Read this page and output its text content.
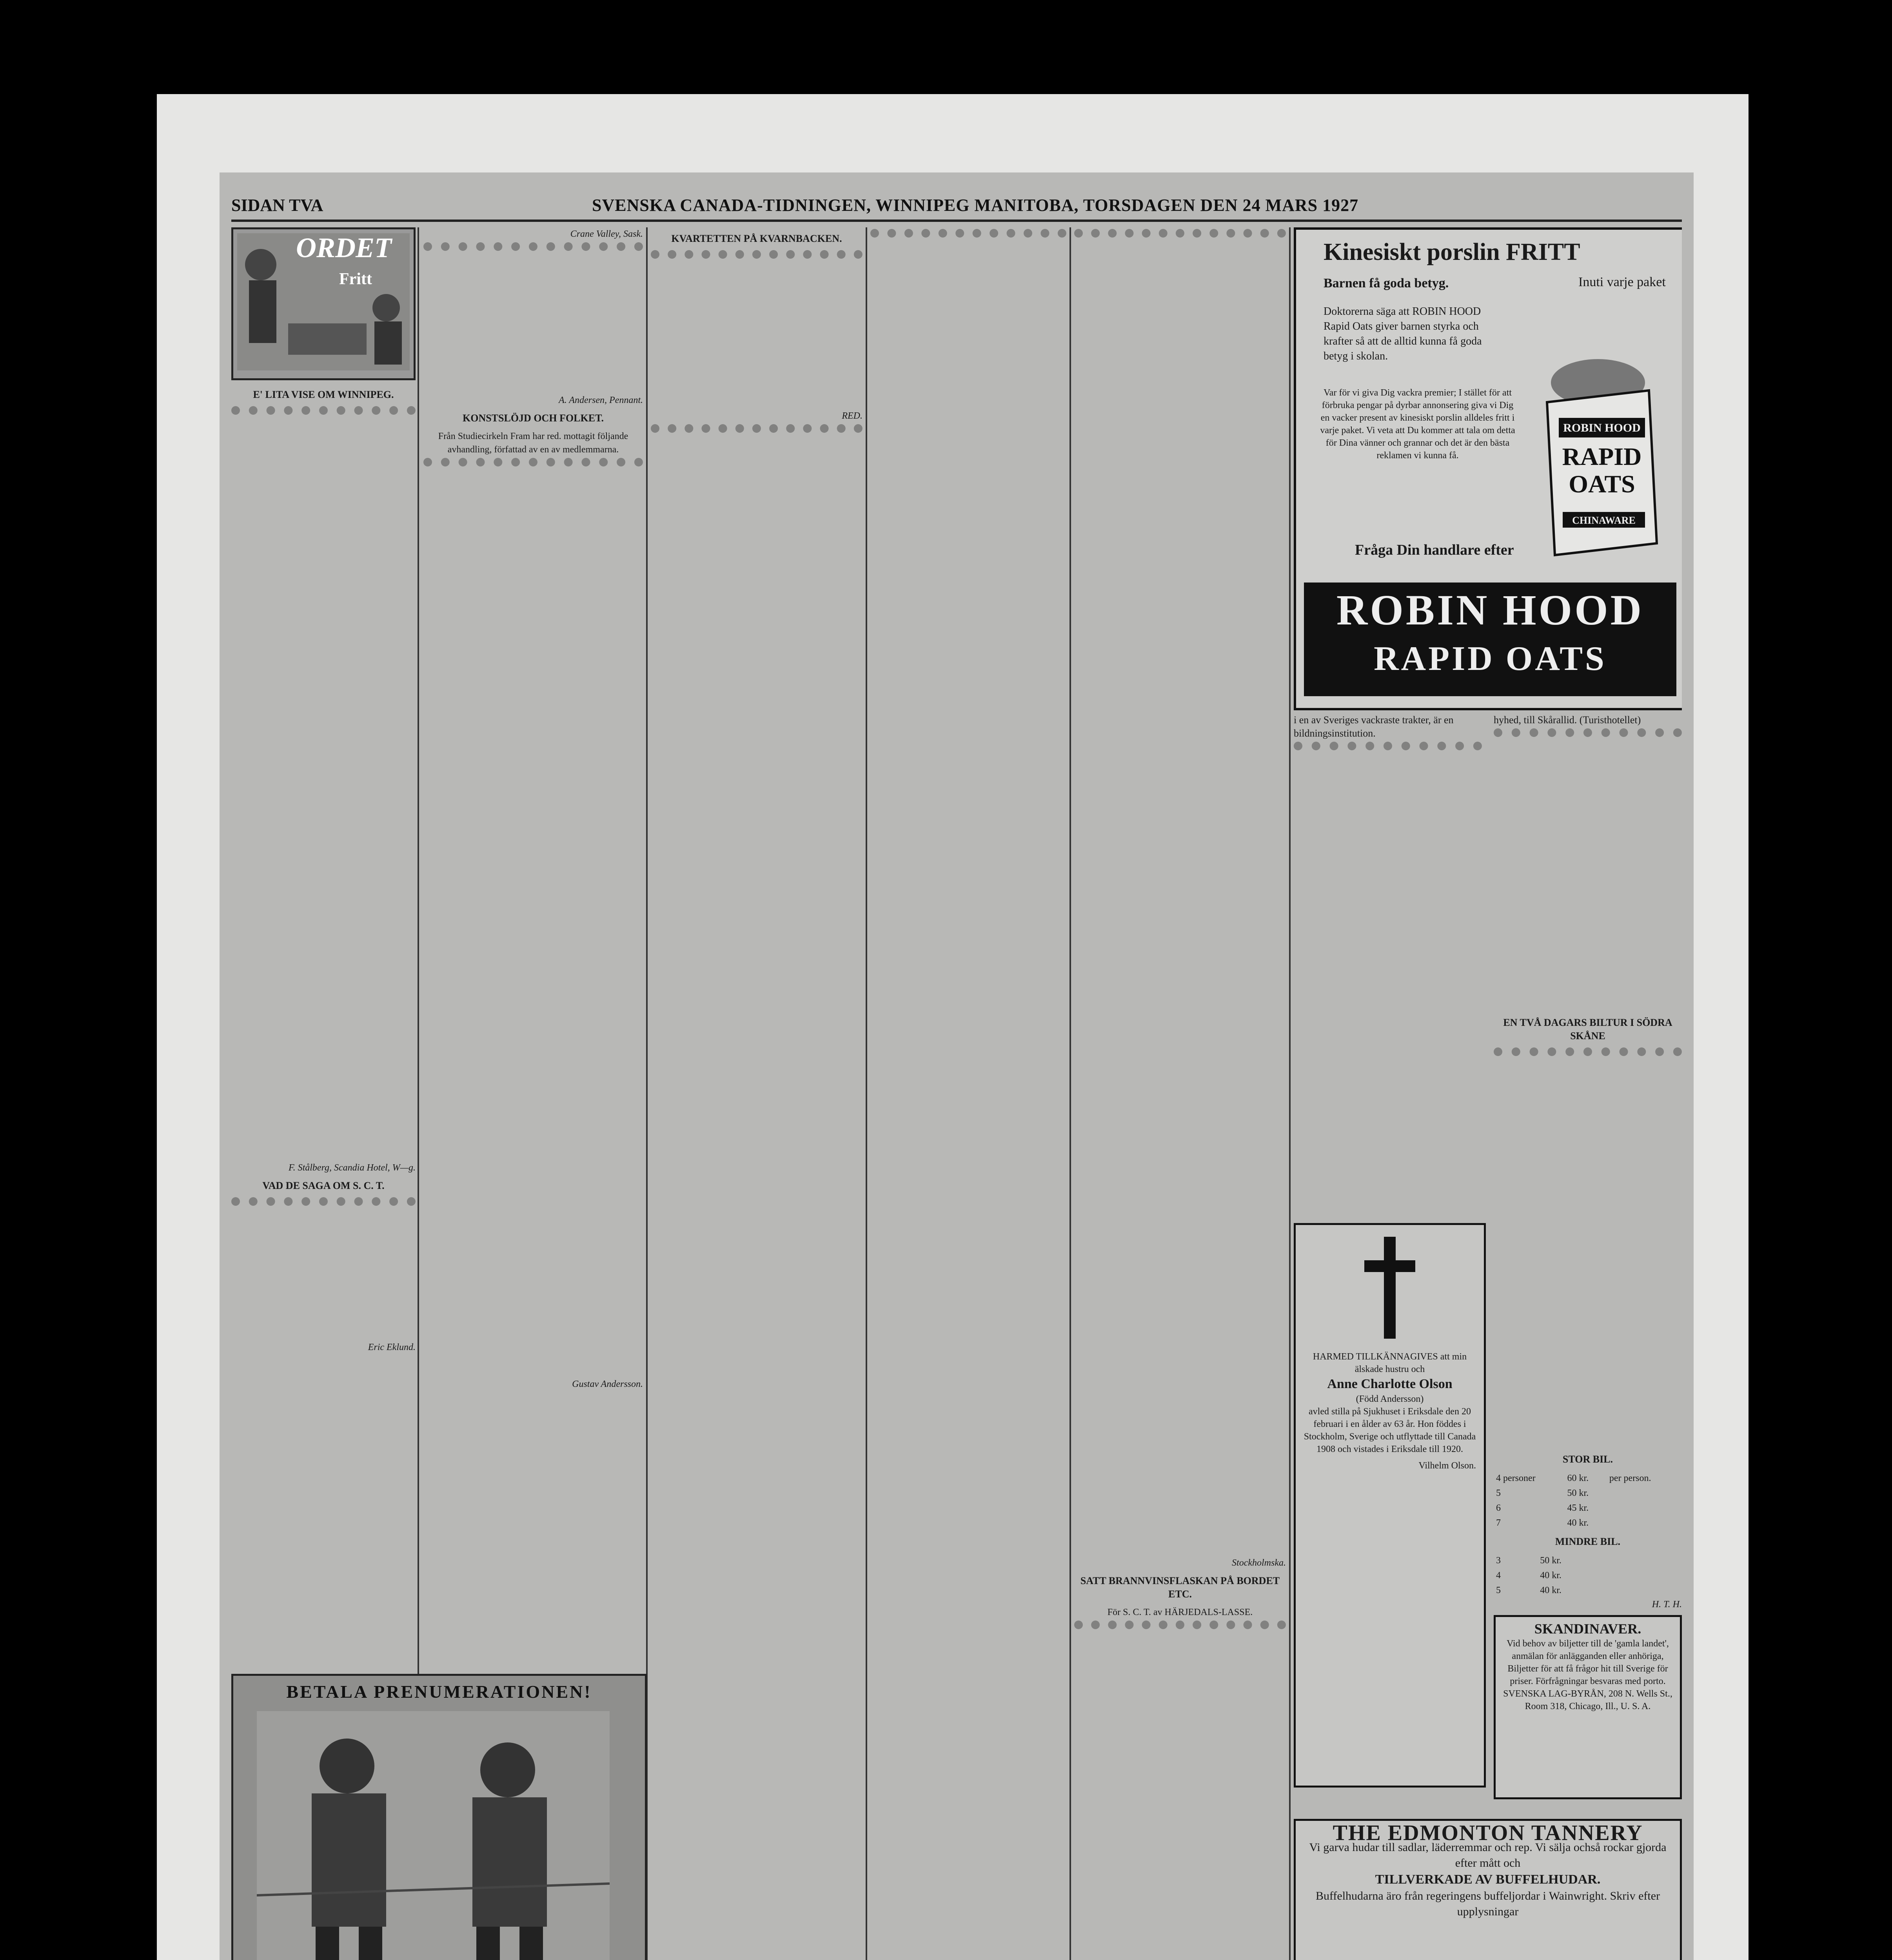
SIDAN TVA	SVENSKA CANADA-TIDNINGEN, WINNIPEG MANITOBA, TORSDAGEN DEN 24 MARS 1927
ORDET
Fritt
E' LITA VISE OM WINNIPEG.
F. Stålberg, Scandia Hotel, W—g.
VAD DE SAGA OM S. C. T.
Eric Eklund.
Crane Valley, Sask.
A. Andersen, Pennant.
KONSTSLÖJD OCH FOLKET.
Från Studiecirkeln Fram har red. mottagit följande avhandling, författad av en av medlemmarna.
Gustav Andersson.
BETALA PRENUMERATIONEN!
KVARTETTEN PÅ KVARNBACKEN.
RED.
Stockholmska.
SATT BRANNVINSFLASKAN PÅ BORDET ETC.
För S. C. T. av HÄRJEDALS-LASSE.
Kinesiskt porslin FRITT
Inuti varje paket
Barnen få goda betyg.
Doktorerna säga att ROBIN HOOD Rapid Oats giver barnen styrka och krafter så att de alltid kunna få goda betyg i skolan.
Var för vi giva Dig vackra premier; I stället för att förbruka pengar på dyrbar annonsering giva vi Dig en vacker present av kinesiskt porslin alldeles fritt i varje paket. Vi veta att Du kommer att tala om detta för Dina vänner och grannar och det är den bästa reklamen vi kunna få.
Fråga Din handlare efter
ROBIN HOOD
RAPID
OATS
CHINAWARE
ROBIN HOOD
RAPID OATS
i en av Sveriges vackraste trakter, är en bildningsinstitution.
hyhed, till Skårallid. (Turisthotellet)
EN TVÅ DAGARS BILTUR I SÖDRA SKÅNE
STOR BIL.
4 personer	60 kr.	per person.
5	50 kr.	
6	45 kr.	
7	40 kr.	
MINDRE BIL.
3	50 kr.	
4	40 kr.	
5	40 kr.	
H. T. H.
HARMED TILLKÄNNAGIVES att min älskade hustru och
Anne Charlotte Olson
(Född Andersson)
avled stilla på Sjukhuset i Eriksdale den 20 februari i en ålder av 63 år. Hon föddes i Stockholm, Sverige och utflyttade till Canada 1908 och vistades i Eriksdale till 1920.
Vilhelm Olson.
SKANDINAVER.
Vid behov av biljetter till de 'gamla landet', anmälan för anlägganden eller anhöriga, Biljetter för att få frågor hit till Sverige för priser. Förfrågningar besvaras med porto. SVENSKA LAG-BYRÅN, 208 N. Wells St., Room 318, Chicago, Ill., U. S. A.
THE EDMONTON TANNERY
Vi garva hudar till sadlar, läderremmar och rep. Vi sälja ochså rockar gjorda efter mått och
TILLVERKADE AV BUFFELHUDAR.
Buffelhudarna äro från regeringens buffeljordar i Wainwright. Skriv efter upplysningar
